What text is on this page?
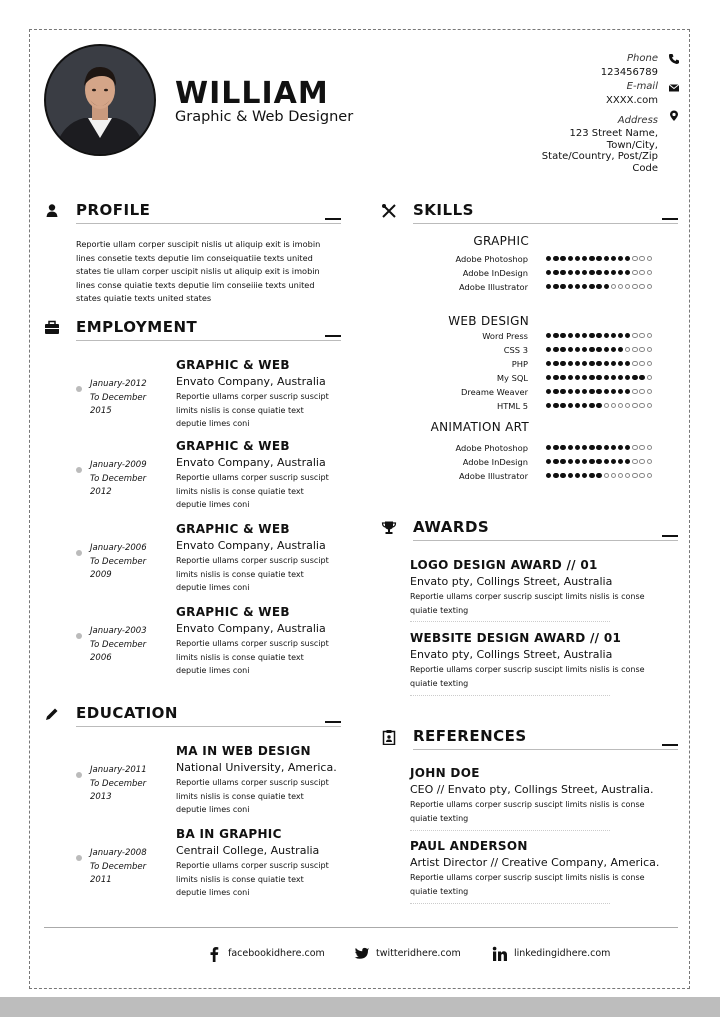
WILLIAM
Graphic & Web Designer
Phone
123456789
E-mail
XXXX.com
Address
123 Street Name,
Town/City,
State/Country, Post/Zip
Code
PROFILE
Reportie ullam corper suscipit nislis ut aliquip exit is imobin
lines consetie texts deputie lim conseiquatiie texts united
states tie ullam corper uscipit nislis ut aliquip exit is imobin
lines conse quiatie texts deputie lim conseiiie texts united
states quiatie texts united states
EMPLOYMENT
January-2012
To December
2015
GRAPHIC & WEB
Envato Company, Australia
Reportie ullams corper suscrip suscipt
limits nislis is conse quiatie text
deputie limes coni
January-2009
To December
2012
GRAPHIC & WEB
Envato Company, Australia
Reportie ullams corper suscrip suscipt
limits nislis is conse quiatie text
deputie limes coni
January-2006
To December
2009
GRAPHIC & WEB
Envato Company, Australia
Reportie ullams corper suscrip suscipt
limits nislis is conse quiatie text
deputie limes coni
January-2003
To December
2006
GRAPHIC & WEB
Envato Company, Australia
Reportie ullams corper suscrip suscipt
limits nislis is conse quiatie text
deputie limes coni
EDUCATION
January-2011
To December
2013
MA IN WEB DESIGN
National University, America.
Reportie ullams corper suscrip suscipt
limits nislis is conse quiatie text
deputie limes coni
January-2008
To December
2011
BA IN GRAPHIC
Centrail College, Australia
Reportie ullams corper suscrip suscipt
limits nislis is conse quiatie text
deputie limes coni
SKILLS
GRAPHIC
Adobe Photoshop
Adobe InDesign
Adobe Illustrator
WEB DESIGN
Word Press
CSS 3
PHP
My SQL
Dreame Weaver
HTML 5
ANIMATION ART
Adobe Photoshop
Adobe InDesign
Adobe Illustrator
AWARDS
LOGO DESIGN AWARD // 01
Envato pty, Collings Street, Australia
Reportie ullams corper suscrip suscipt limits nislis is conse
quiatie texting
WEBSITE DESIGN AWARD // 01
Envato pty, Collings Street, Australia
Reportie ullams corper suscrip suscipt limits nislis is conse
quiatie texting
REFERENCES
JOHN DOE
CEO // Envato pty, Collings Street, Australia.
Reportie ullams corper suscrip suscipt limits nislis is conse
quiatie texting
PAUL ANDERSON
Artist Director // Creative Company, America.
Reportie ullams corper suscrip suscipt limits nislis is conse
quiatie texting
facebookidhere.com	twitteridhere.com	linkedingidhere.com
